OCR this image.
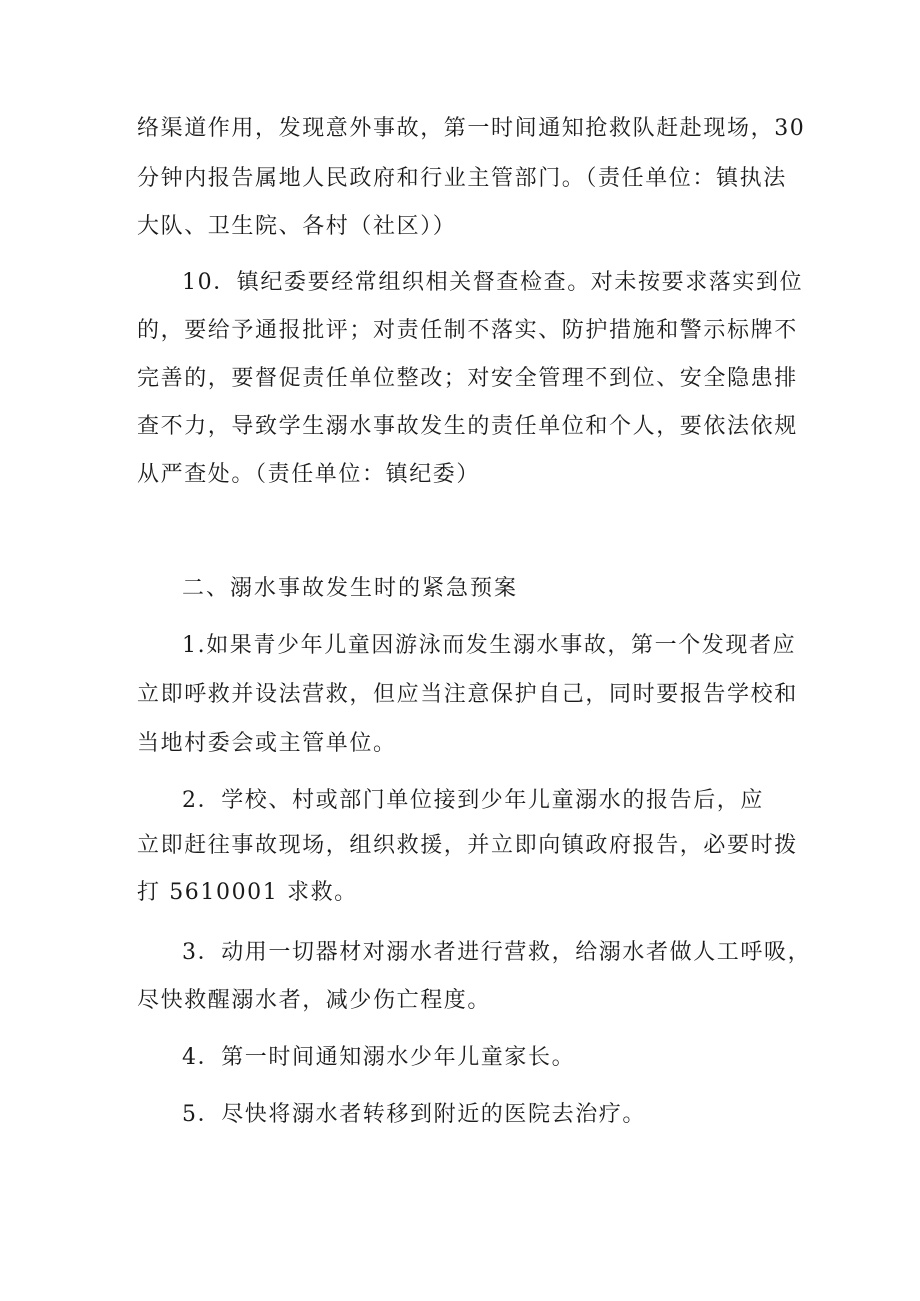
络渠道作用，发现意外事故，第一时间通知抢救队赶赴现场，30
分钟内报告属地人民政府和行业主管部门。（责任单位：镇执法
大队、卫生院、各村（社区））
10．镇纪委要经常组织相关督查检查。对未按要求落实到位
的，要给予通报批评；对责任制不落实、防护措施和警示标牌不
完善的，要督促责任单位整改；对安全管理不到位、安全隐患排
查不力，导致学生溺水事故发生的责任单位和个人，要依法依规
从严查处。（责任单位：镇纪委）
二、溺水事故发生时的紧急预案
1.如果青少年儿童因游泳而发生溺水事故，第一个发现者应
立即呼救并设法营救，但应当注意保护自己，同时要报告学校和
当地村委会或主管单位。
2．学校、村或部门单位接到少年儿童溺水的报告后，应
立即赶往事故现场，组织救援，并立即向镇政府报告，必要时拨
打 5610001 求救。
3．动用一切器材对溺水者进行营救，给溺水者做人工呼吸，
尽快救醒溺水者，减少伤亡程度。
4．第一时间通知溺水少年儿童家长。
5．尽快将溺水者转移到附近的医院去治疗。
